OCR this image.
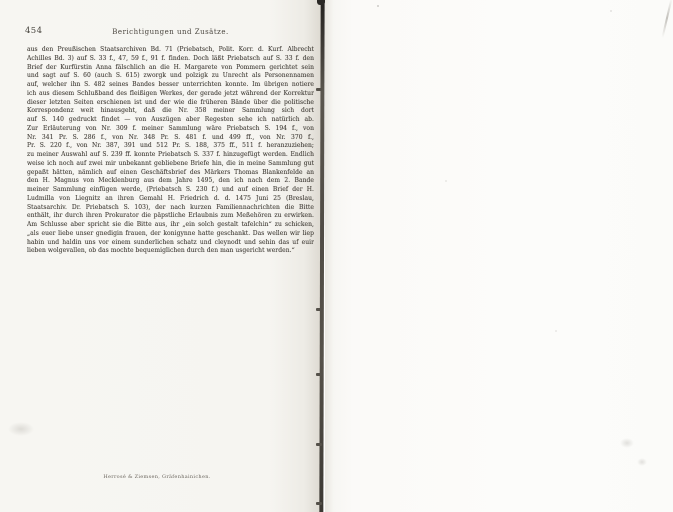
454	Berichtigungen und Zusätze.
aus den Preußischen Staatsarchiven Bd. 71 (Priebatsch, Polit. Korr. d. Kurf. Albrecht
Achilles Bd. 3) auf S. 33 f., 47, 59 f., 91 f. finden. Doch läßt Priebatsch auf S. 33 f. den
Brief der Kurfürstin Anna fälschlich an die H. Margarete von Pommern gerichtet sein
und sagt auf S. 60 (auch S. 615) zworgk und polzigk zu Unrecht als Personennamen
auf, welcher ihn S. 482 seines Bandes besser unterrichten konnte. Im übrigen notiere
ich aus diesem Schlußband des fleißigen Werkes, der gerade jetzt während der Korrektur
dieser letzten Seiten erschienen ist und der wie die früheren Bände über die politische
Korrespondenz weit hinausgeht, daß die Nr. 358 meiner Sammlung sich dort
auf S. 140 gedruckt findet — von Auszügen aber Regesten sehe ich natürlich ab.
Zur Erläuterung von Nr. 309 f. meiner Sammlung wäre Priebatsch S. 194 f., von
Nr. 341 Pr. S. 286 f., von Nr. 348 Pr. S. 481 f. und 499 ff., von Nr. 370 f.,
Pr. S. 220 f., von Nr. 387, 391 und 512 Pr. S. 188, 375 ff., 511 f. heranzuziehen;
zu meiner Auswahl auf S. 239 ff. konnte Priebatsch S. 337 f. hinzugefügt werden. Endlich
weise ich noch auf zwei mir unbekannt gebliebene Briefe hin, die in meine Sammlung gut
gepaßt hätten, nämlich auf einen Geschäftsbrief des Märkers Thomas Blankenfelde an
den H. Magnus von Mecklenburg aus dem Jahre 1495, den ich nach dem 2. Bande
meiner Sammlung einfügen werde, (Priebatsch S. 230 f.) und auf einen Brief der H.
Ludmilla von Liegnitz an ihren Gemahl H. Friedrich d. d. 1475 Juni 25 (Breslau,
Staatsarchiv. Dr. Priebatsch S. 103), der nach kurzen Familiennachrichten die Bitte
enthält, ihr durch ihren Prokurator die päpstliche Erlaubnis zum Meßehören zu erwirken.
Am Schlusse aber spricht sie die Bitte aus, ihr „ein solch gestalt tafelchin“ zu schicken,
„als euer liebe unser gnedigin frauen, der konigynne hatte geschankt. Das wellen wir liep
habin und haldin uns vor einem sunderlichen schatz und cleynodt und sehin das uf euir
lieben wolgevallen, ob das mochte bequemiglichen durch den man usgericht werden.“
Herrosé & Ziemsen, Gräfenhainichen.
